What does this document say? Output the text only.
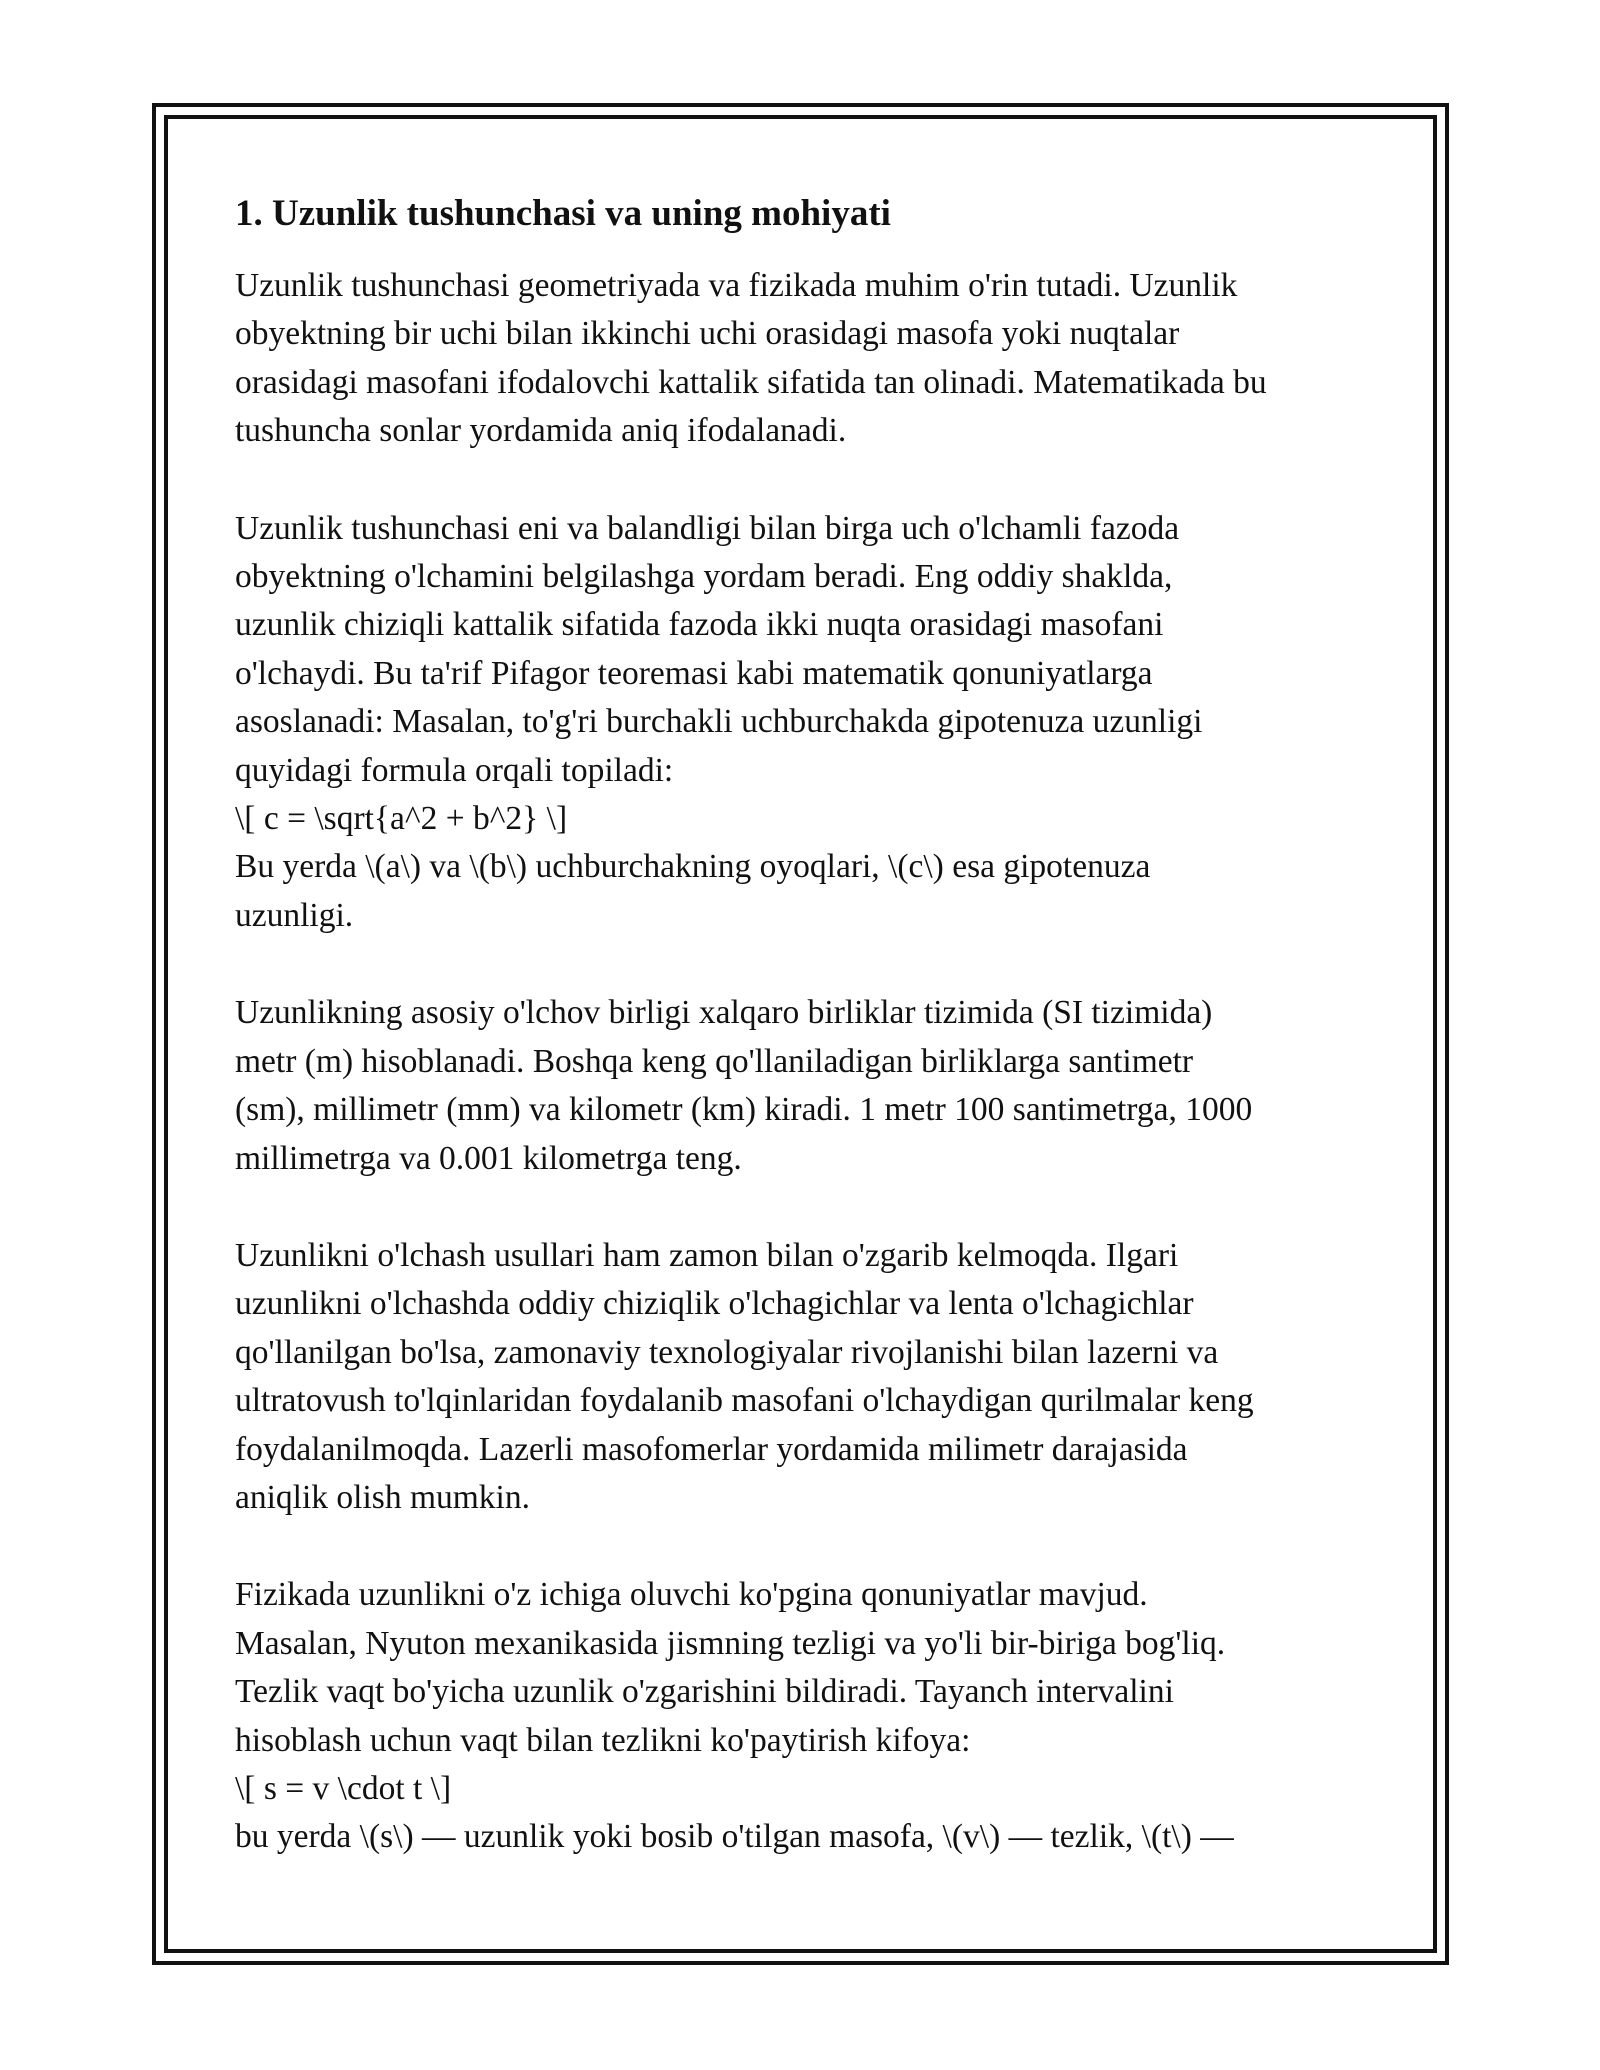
1. Uzunlik tushunchasi va uning mohiyati
Uzunlik tushunchasi geometriyada va fizikada muhim o'rin tutadi. Uzunlik
obyektning bir uchi bilan ikkinchi uchi orasidagi masofa yoki nuqtalar
orasidagi masofani ifodalovchi kattalik sifatida tan olinadi. Matematikada bu
tushuncha sonlar yordamida aniq ifodalanadi.
Uzunlik tushunchasi eni va balandligi bilan birga uch o'lchamli fazoda
obyektning o'lchamini belgilashga yordam beradi. Eng oddiy shaklda,
uzunlik chiziqli kattalik sifatida fazoda ikki nuqta orasidagi masofani
o'lchaydi. Bu ta'rif Pifagor teoremasi kabi matematik qonuniyatlarga
asoslanadi: Masalan, to'g'ri burchakli uchburchakda gipotenuza uzunligi
quyidagi formula orqali topiladi:
\[ c = \sqrt{a^2 + b^2} \]
Bu yerda \(a\) va \(b\) uchburchakning oyoqlari, \(c\) esa gipotenuza
uzunligi.
Uzunlikning asosiy o'lchov birligi xalqaro birliklar tizimida (SI tizimida)
metr (m) hisoblanadi. Boshqa keng qo'llaniladigan birliklarga santimetr
(sm), millimetr (mm) va kilometr (km) kiradi. 1 metr 100 santimetrga, 1000
millimetrga va 0.001 kilometrga teng.
Uzunlikni o'lchash usullari ham zamon bilan o'zgarib kelmoqda. Ilgari
uzunlikni o'lchashda oddiy chiziqlik o'lchagichlar va lenta o'lchagichlar
qo'llanilgan bo'lsa, zamonaviy texnologiyalar rivojlanishi bilan lazerni va
ultratovush to'lqinlaridan foydalanib masofani o'lchaydigan qurilmalar keng
foydalanilmoqda. Lazerli masofomerlar yordamida milimetr darajasida
aniqlik olish mumkin.
Fizikada uzunlikni o'z ichiga oluvchi ko'pgina qonuniyatlar mavjud.
Masalan, Nyuton mexanikasida jismning tezligi va yo'li bir-biriga bog'liq.
Tezlik vaqt bo'yicha uzunlik o'zgarishini bildiradi. Tayanch intervalini
hisoblash uchun vaqt bilan tezlikni ko'paytirish kifoya:
\[ s = v \cdot t \]
bu yerda \(s\) — uzunlik yoki bosib o'tilgan masofa, \(v\) — tezlik, \(t\) —
